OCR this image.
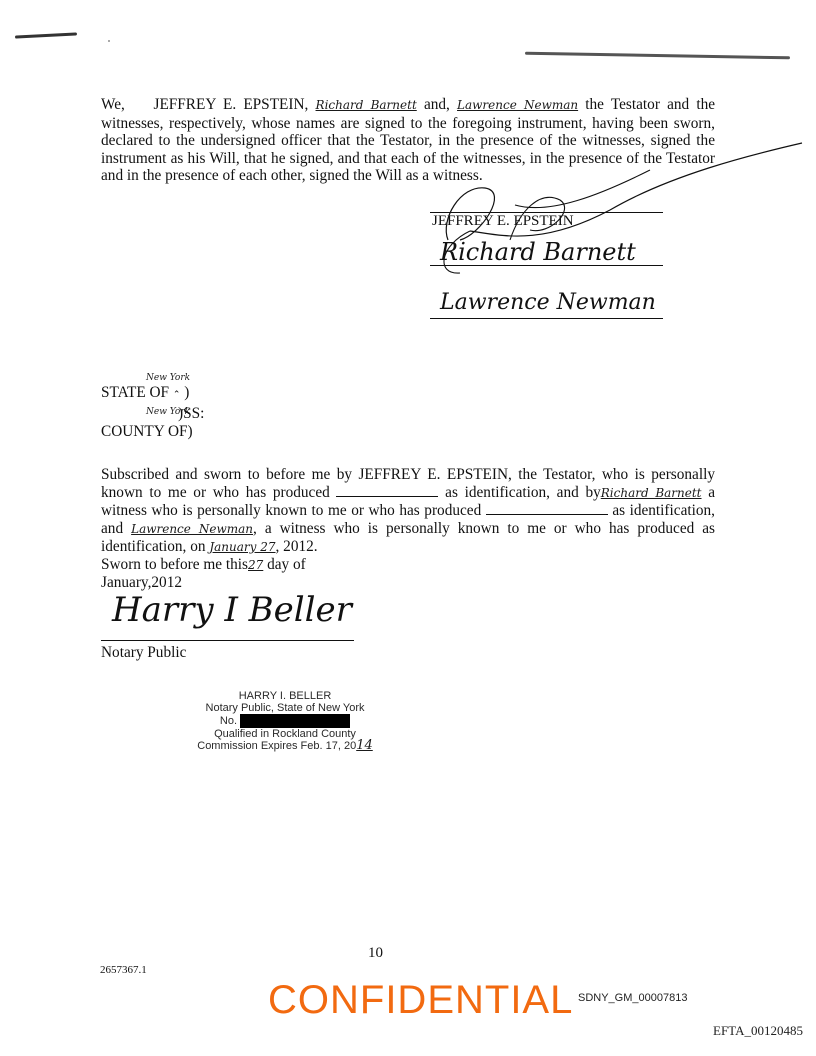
We, JEFFREY E. EPSTEIN, Richard Barnett and, Lawrence Newman the Testator and the witnesses, respectively, whose names are signed to the foregoing instrument, having been sworn, declared to the undersigned officer that the Testator, in the presence of the witnesses, signed the instrument as his Will, that he signed, and that each of the witnesses, in the presence of the Testator and in the presence of each other, signed the Will as a witness.

JEFFREY E. EPSTEIN
Richard Barnett
Lawrence Newman
New York
STATE OF ⌃ )
New York
)SS:
COUNTY OF)

Subscribed and sworn to before me by JEFFREY E. EPSTEIN, the Testator, who is personally known to me or who has produced	as identification, and byRichard Barnett a witness who is personally known to me or who has produced	as identification, and Lawrence Newman, a witness who is personally known to me or who has produced as identification, on January 27, 2012.

Sworn to before me this27 day of
January,2012
Harry I Beller
Notary Public
HARRY I. BELLER
Notary Public, State of New York
No.
Qualified in Rockland County
Commission Expires Feb. 17, 2014
10
2657367.1
CONFIDENTIAL SDNY_GM_00007813
EFTA_00120485
